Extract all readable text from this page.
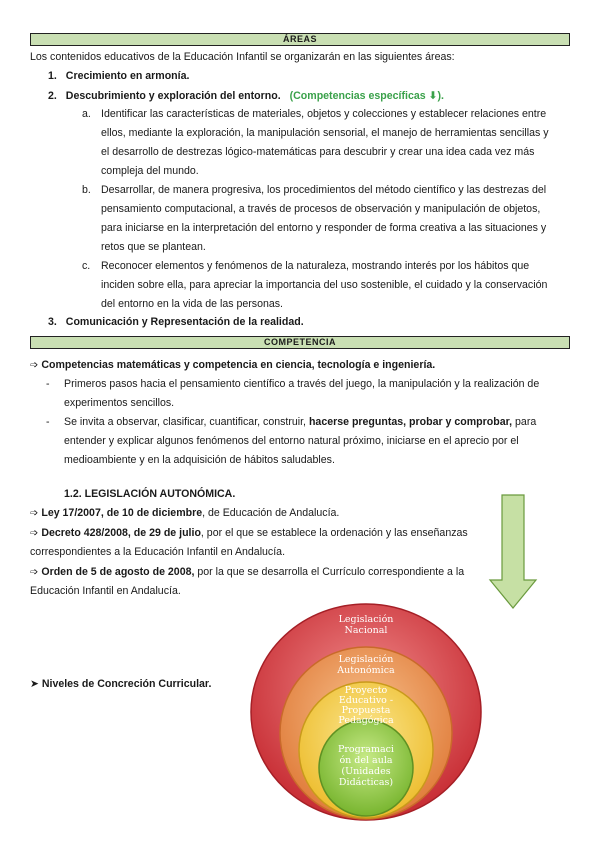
ÁREAS
Los contenidos educativos de la Educación Infantil se organizarán en las siguientes áreas:
1. Crecimiento en armonía.
2. Descubrimiento y exploración del entorno. (Competencias específicas ⬇).
a. Identificar las características de materiales, objetos y colecciones y establecer relaciones entre
ellos, mediante la exploración, la manipulación sensorial, el manejo de herramientas sencillas y
el desarrollo de destrezas lógico-matemáticas para descubrir y crear una idea cada vez más
compleja del mundo.
b. Desarrollar, de manera progresiva, los procedimientos del método científico y las destrezas del
pensamiento computacional, a través de procesos de observación y manipulación de objetos,
para iniciarse en la interpretación del entorno y responder de forma creativa a las situaciones y
retos que se plantean.
c. Reconocer elementos y fenómenos de la naturaleza, mostrando interés por los hábitos que
inciden sobre ella, para apreciar la importancia del uso sostenible, el cuidado y la conservación
del entorno en la vida de las personas.
3. Comunicación y Representación de la realidad.
COMPETENCIA
➩ Competencias matemáticas y competencia en ciencia, tecnología e ingeniería.
- Primeros pasos hacia el pensamiento científico a través del juego, la manipulación y la realización de
experimentos sencillos.
- Se invita a observar, clasificar, cuantificar, construir, hacerse preguntas, probar y comprobar, para
entender y explicar algunos fenómenos del entorno natural próximo, iniciarse en el aprecio por el
medioambiente y en la adquisición de hábitos saludables.
1.2. LEGISLACIÓN AUTONÓMICA.
➩ Ley 17/2007, de 10 de diciembre, de Educación de Andalucía.
➩ Decreto 428/2008, de 29 de julio, por el que se establece la ordenación y las enseñanzas
correspondientes a la Educación Infantil en Andalucía.
➩ Orden de 5 de agosto de 2008, por la que se desarrolla el Currículo correspondiente a la
Educación Infantil en Andalucía.
➤ Niveles de Concreción Curricular.
Legislación
Nacional
Legislación
Autonómica
Proyecto
Educativo -
Propuesta
Pedagógica
Programaci
ón del aula
(Unidades
Didácticas)
